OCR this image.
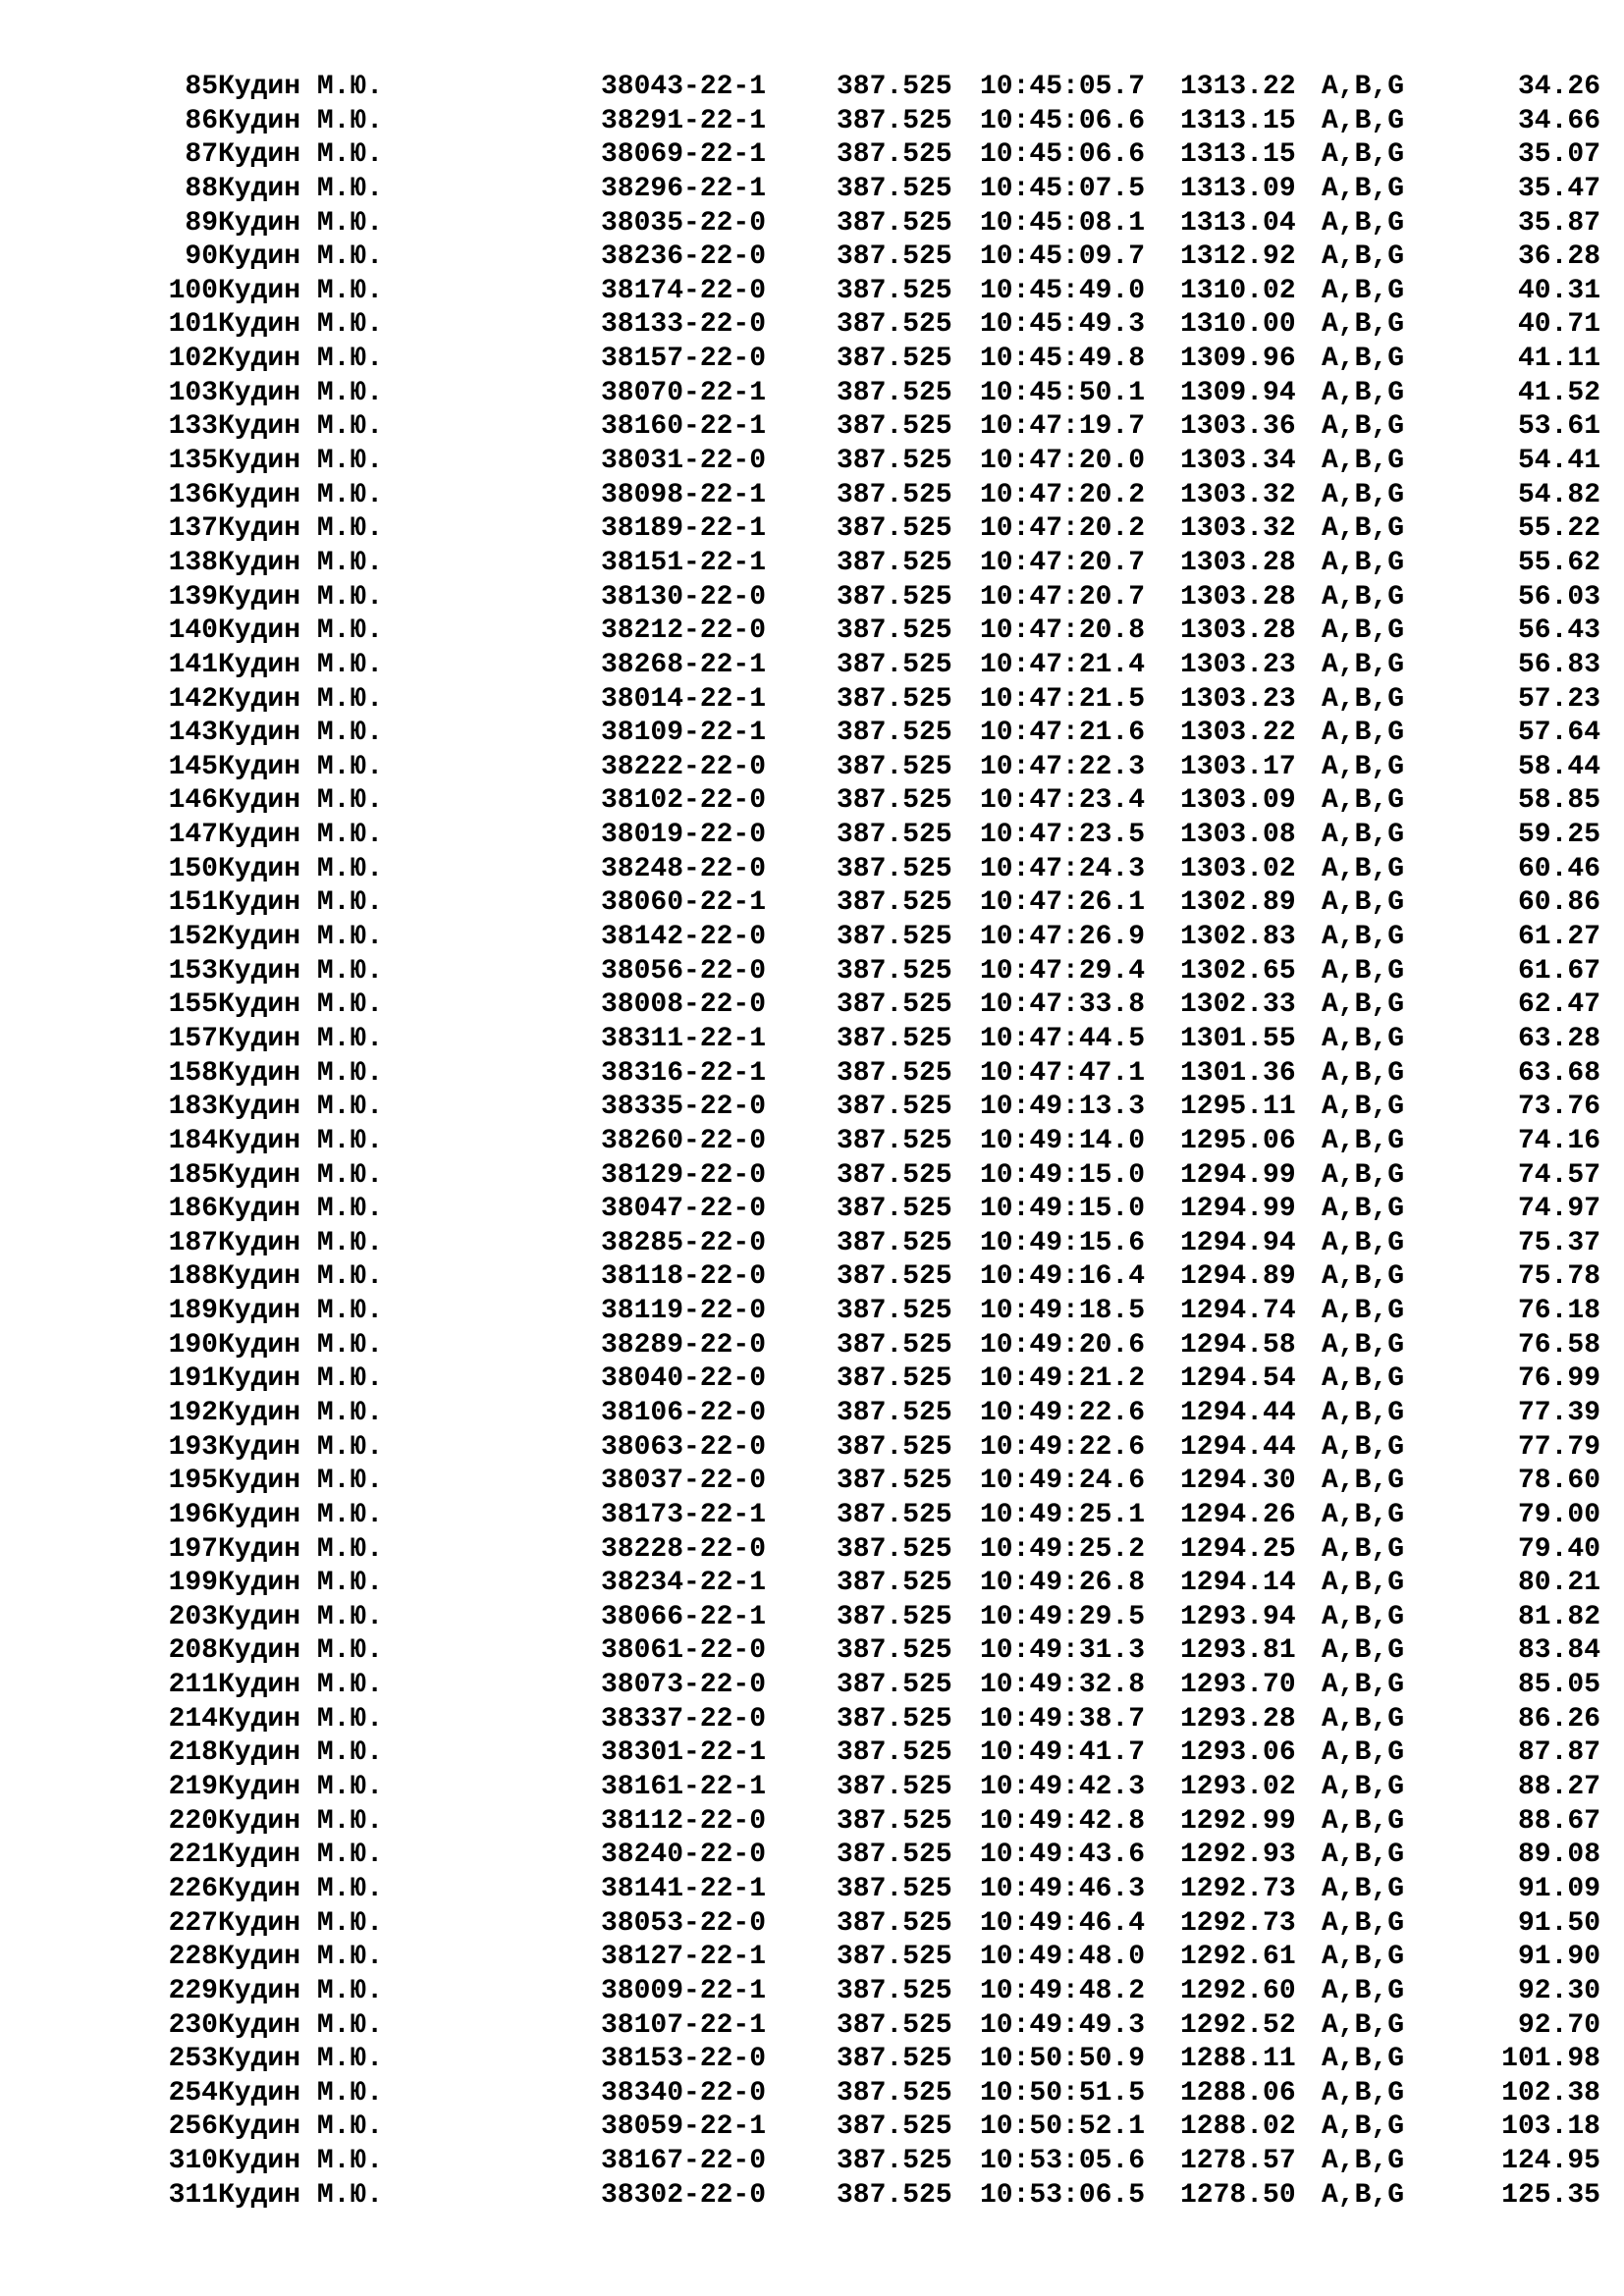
85 Кудин М.Ю.	38043-22-1	387.525 10:45:05.7 1313.22 A,B,G	34.26
86 Кудин М.Ю.	38291-22-1	387.525 10:45:06.6 1313.15 A,B,G	34.66
87 Кудин М.Ю.	38069-22-1	387.525 10:45:06.6 1313.15 A,B,G	35.07
88 Кудин М.Ю.	38296-22-1	387.525 10:45:07.5 1313.09 A,B,G	35.47
89 Кудин М.Ю.	38035-22-0	387.525 10:45:08.1 1313.04 A,B,G	35.87
90 Кудин М.Ю.	38236-22-0	387.525 10:45:09.7 1312.92 A,B,G	36.28
100 Кудин М.Ю.	38174-22-0	387.525 10:45:49.0 1310.02 A,B,G	40.31
101 Кудин М.Ю.	38133-22-0	387.525 10:45:49.3 1310.00 A,B,G	40.71
102 Кудин М.Ю.	38157-22-0	387.525 10:45:49.8 1309.96 A,B,G	41.11
103 Кудин М.Ю.	38070-22-1	387.525 10:45:50.1 1309.94 A,B,G	41.52
133 Кудин М.Ю.	38160-22-1	387.525 10:47:19.7 1303.36 A,B,G	53.61
135 Кудин М.Ю.	38031-22-0	387.525 10:47:20.0 1303.34 A,B,G	54.41
136 Кудин М.Ю.	38098-22-1	387.525 10:47:20.2 1303.32 A,B,G	54.82
137 Кудин М.Ю.	38189-22-1	387.525 10:47:20.2 1303.32 A,B,G	55.22
138 Кудин М.Ю.	38151-22-1	387.525 10:47:20.7 1303.28 A,B,G	55.62
139 Кудин М.Ю.	38130-22-0	387.525 10:47:20.7 1303.28 A,B,G	56.03
140 Кудин М.Ю.	38212-22-0	387.525 10:47:20.8 1303.28 A,B,G	56.43
141 Кудин М.Ю.	38268-22-1	387.525 10:47:21.4 1303.23 A,B,G	56.83
142 Кудин М.Ю.	38014-22-1	387.525 10:47:21.5 1303.23 A,B,G	57.23
143 Кудин М.Ю.	38109-22-1	387.525 10:47:21.6 1303.22 A,B,G	57.64
145 Кудин М.Ю.	38222-22-0	387.525 10:47:22.3 1303.17 A,B,G	58.44
146 Кудин М.Ю.	38102-22-0	387.525 10:47:23.4 1303.09 A,B,G	58.85
147 Кудин М.Ю.	38019-22-0	387.525 10:47:23.5 1303.08 A,B,G	59.25
150 Кудин М.Ю.	38248-22-0	387.525 10:47:24.3 1303.02 A,B,G	60.46
151 Кудин М.Ю.	38060-22-1	387.525 10:47:26.1 1302.89 A,B,G	60.86
152 Кудин М.Ю.	38142-22-0	387.525 10:47:26.9 1302.83 A,B,G	61.27
153 Кудин М.Ю.	38056-22-0	387.525 10:47:29.4 1302.65 A,B,G	61.67
155 Кудин М.Ю.	38008-22-0	387.525 10:47:33.8 1302.33 A,B,G	62.47
157 Кудин М.Ю.	38311-22-1	387.525 10:47:44.5 1301.55 A,B,G	63.28
158 Кудин М.Ю.	38316-22-1	387.525 10:47:47.1 1301.36 A,B,G	63.68
183 Кудин М.Ю.	38335-22-0	387.525 10:49:13.3 1295.11 A,B,G	73.76
184 Кудин М.Ю.	38260-22-0	387.525 10:49:14.0 1295.06 A,B,G	74.16
185 Кудин М.Ю.	38129-22-0	387.525 10:49:15.0 1294.99 A,B,G	74.57
186 Кудин М.Ю.	38047-22-0	387.525 10:49:15.0 1294.99 A,B,G	74.97
187 Кудин М.Ю.	38285-22-0	387.525 10:49:15.6 1294.94 A,B,G	75.37
188 Кудин М.Ю.	38118-22-0	387.525 10:49:16.4 1294.89 A,B,G	75.78
189 Кудин М.Ю.	38119-22-0	387.525 10:49:18.5 1294.74 A,B,G	76.18
190 Кудин М.Ю.	38289-22-0	387.525 10:49:20.6 1294.58 A,B,G	76.58
191 Кудин М.Ю.	38040-22-0	387.525 10:49:21.2 1294.54 A,B,G	76.99
192 Кудин М.Ю.	38106-22-0	387.525 10:49:22.6 1294.44 A,B,G	77.39
193 Кудин М.Ю.	38063-22-0	387.525 10:49:22.6 1294.44 A,B,G	77.79
195 Кудин М.Ю.	38037-22-0	387.525 10:49:24.6 1294.30 A,B,G	78.60
196 Кудин М.Ю.	38173-22-1	387.525 10:49:25.1 1294.26 A,B,G	79.00
197 Кудин М.Ю.	38228-22-0	387.525 10:49:25.2 1294.25 A,B,G	79.40
199 Кудин М.Ю.	38234-22-1	387.525 10:49:26.8 1294.14 A,B,G	80.21
203 Кудин М.Ю.	38066-22-1	387.525 10:49:29.5 1293.94 A,B,G	81.82
208 Кудин М.Ю.	38061-22-0	387.525 10:49:31.3 1293.81 A,B,G	83.84
211 Кудин М.Ю.	38073-22-0	387.525 10:49:32.8 1293.70 A,B,G	85.05
214 Кудин М.Ю.	38337-22-0	387.525 10:49:38.7 1293.28 A,B,G	86.26
218 Кудин М.Ю.	38301-22-1	387.525 10:49:41.7 1293.06 A,B,G	87.87
219 Кудин М.Ю.	38161-22-1	387.525 10:49:42.3 1293.02 A,B,G	88.27
220 Кудин М.Ю.	38112-22-0	387.525 10:49:42.8 1292.99 A,B,G	88.67
221 Кудин М.Ю.	38240-22-0	387.525 10:49:43.6 1292.93 A,B,G	89.08
226 Кудин М.Ю.	38141-22-1	387.525 10:49:46.3 1292.73 A,B,G	91.09
227 Кудин М.Ю.	38053-22-0	387.525 10:49:46.4 1292.73 A,B,G	91.50
228 Кудин М.Ю.	38127-22-1	387.525 10:49:48.0 1292.61 A,B,G	91.90
229 Кудин М.Ю.	38009-22-1	387.525 10:49:48.2 1292.60 A,B,G	92.30
230 Кудин М.Ю.	38107-22-1	387.525 10:49:49.3 1292.52 A,B,G	92.70
253 Кудин М.Ю.	38153-22-0	387.525 10:50:50.9 1288.11 A,B,G	101.98
254 Кудин М.Ю.	38340-22-0	387.525 10:50:51.5 1288.06 A,B,G	102.38
256 Кудин М.Ю.	38059-22-1	387.525 10:50:52.1 1288.02 A,B,G	103.18
310 Кудин М.Ю.	38167-22-0	387.525 10:53:05.6 1278.57 A,B,G	124.95
311 Кудин М.Ю.	38302-22-0	387.525 10:53:06.5 1278.50 A,B,G	125.35
